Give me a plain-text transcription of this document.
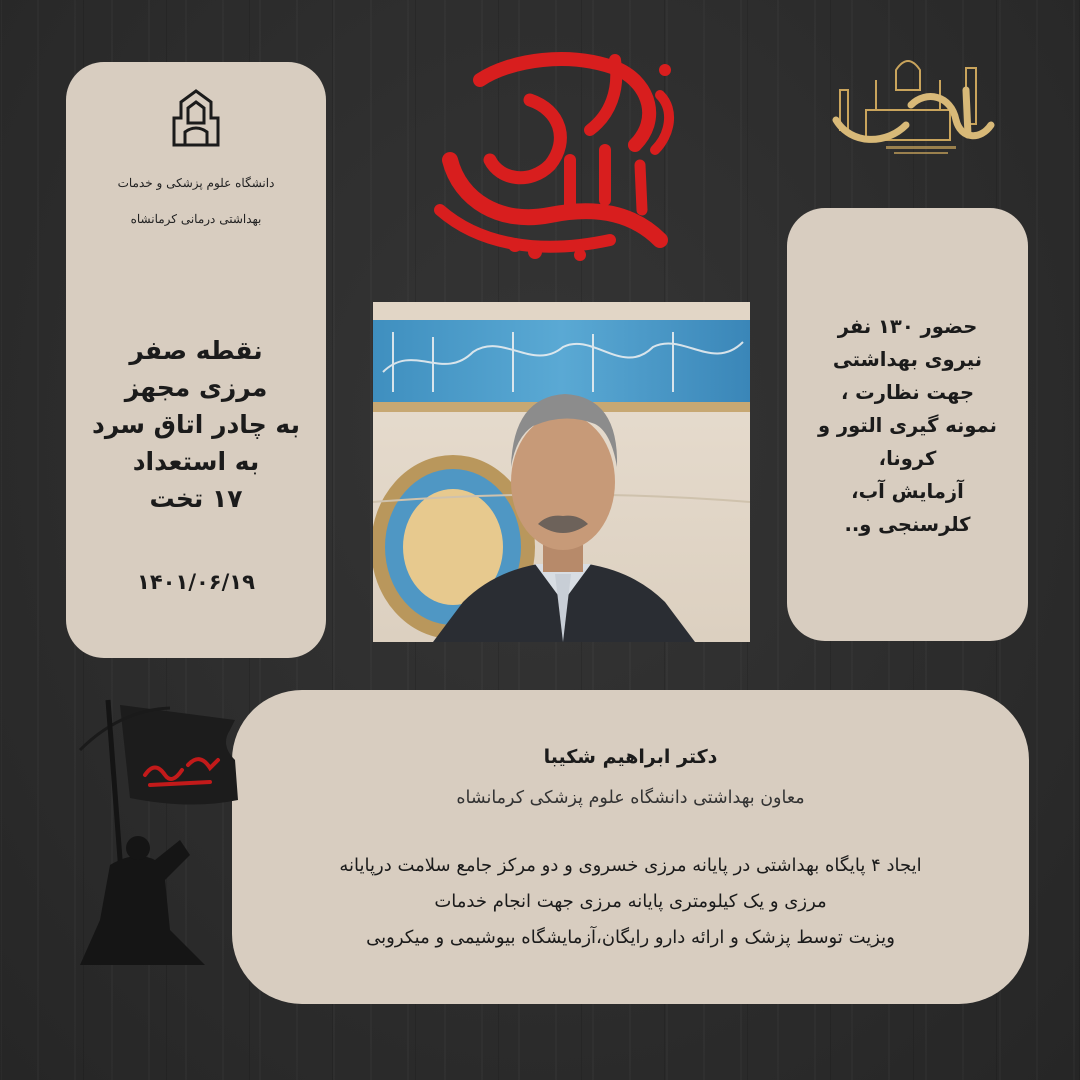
دانشگاه علوم پزشکی و خدمات
بهداشتی درمانی کرمانشاه
نقطه صفر
مرزی مجهز
به چادر اتاق سرد
به استعداد
۱۷ تخت
۱۴۰۱/۰۶/۱۹
حضور ۱۳۰ نفر
نیروی بهداشتی
جهت نظارت ،
نمونه گیری التور و
کرونا،
آزمایش آب،
کلرسنجی و..
دکتر ابراهیم شکیبا
معاون بهداشتی دانشگاه علوم پزشکی کرمانشاه
ایجاد ۴ پایگاه بهداشتی در پایانه مرزی خسروی و دو مرکز جامع سلامت درپایانه
مرزی و یک کیلومتری پایانه مرزی جهت انجام خدمات
ویزیت توسط پزشک و ارائه دارو رایگان،آزمایشگاه بیوشیمی و میکروبی
